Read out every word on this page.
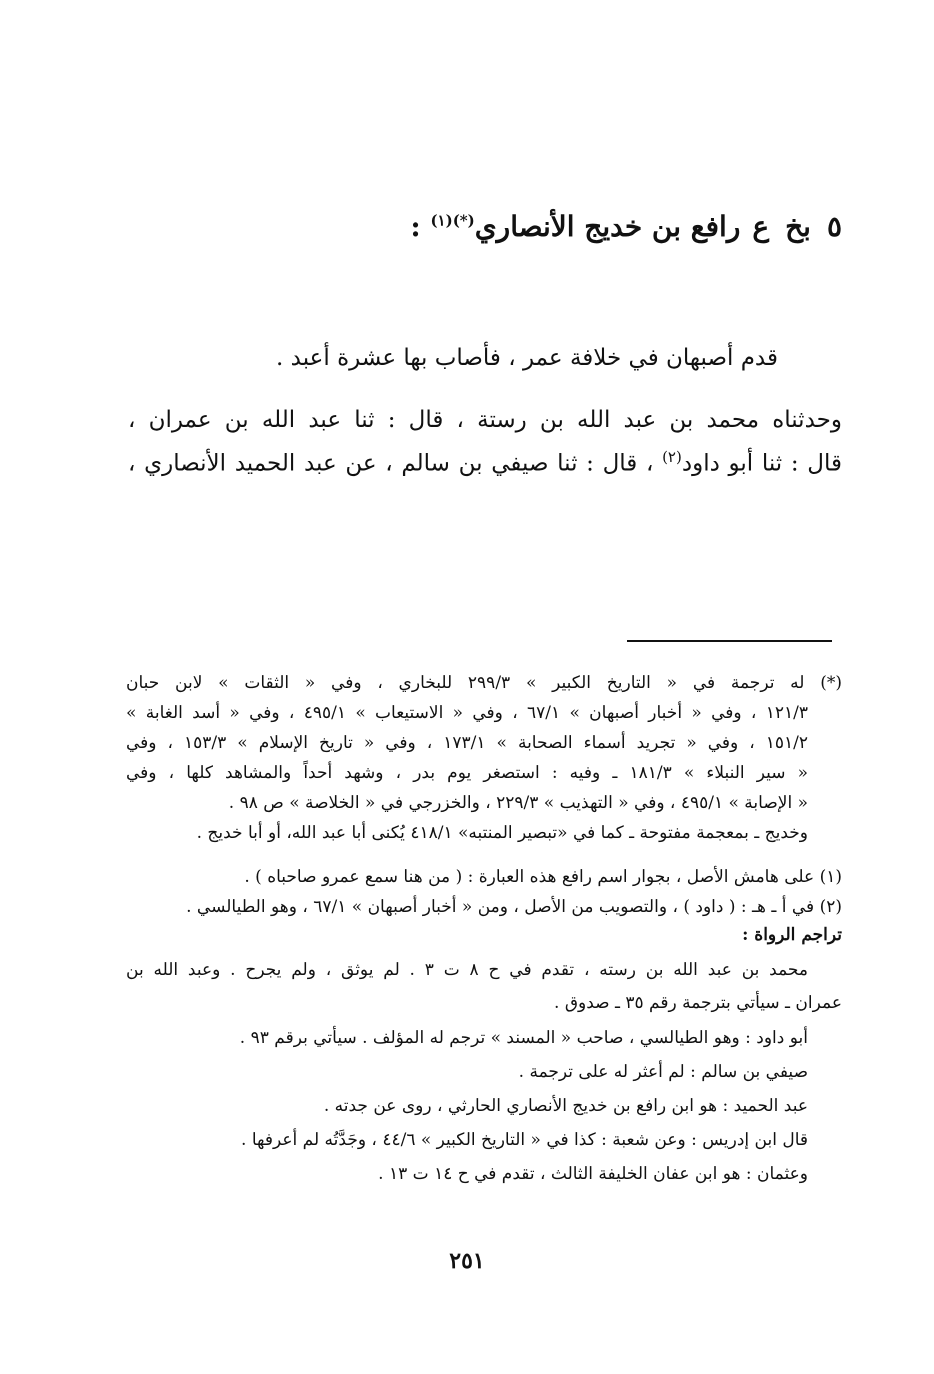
٥بخعرافع بن خديج الأنصاري$^{(*)(١)}$ :
قدم أصبهان في خلافة عمر ، فأصاب بها عشرة أعبد .
وحدثناه محمد بن عبد الله بن رستة ، قال : ثنا عبد الله بن عمران ،
قال : ثنا أبو داود$^{(٢)}$ ، قال : ثنا صيفي بن سالم ، عن عبد الحميد الأنصاري ،
(*) له ترجمة في « التاريخ الكبير » ٢٩٩/٣ للبخاري ، وفي « الثقات » لابن حبان
١٢١/٣ ، وفي « أخبار أصبهان » ٦٧/١ ، وفي « الاستيعاب » ٤٩٥/١ ، وفي « أسد الغابة »
١٥١/٢ ، وفي « تجريد أسماء الصحابة » ١٧٣/١ ، وفي « تاريخ الإسلام » ١٥٣/٣ ، وفي
« سير النبلاء » ١٨١/٣ ـ وفيه : استصغر يوم بدر ، وشهد أحداً والمشاهد كلها ، وفي
« الإصابة » ٤٩٥/١ ، وفي « التهذيب » ٢٢٩/٣ ، والخزرجي في « الخلاصة » ص ٩٨ .
وخديج ـ بمعجمة مفتوحة ـ كما في «تبصير المنتبه» ٤١٨/١ يُكنى أبا عبد الله، أو أبا خديج .
(١) على هامش الأصل ، بجوار اسم رافع هذه العبارة : ( من هنا سمع عمرو صاحباه ) .
(٢) في أ ـ هـ : ( داود ) ، والتصويب من الأصل ، ومن « أخبار أصبهان » ٦٧/١ ، وهو الطيالسي .
تراجم الرواة :
محمد بن عبد الله بن رسته ، تقدم في ح ٨ ت ٣ . لم يوثق ، ولم يجرح . وعبد الله بن
عمران ـ سيأتي بترجمة رقم ٣٥ ـ صدوق .
أبو داود : وهو الطيالسي ، صاحب « المسند » ترجم له المؤلف . سيأتي برقم ٩٣ .
صيفي بن سالم : لم أعثر له على ترجمة .
عبد الحميد : هو ابن رافع بن خديج الأنصاري الحارثي ، روى عن جدته .
قال ابن إدريس : وعن شعبة : كذا في « التاريخ الكبير » ٤٤/٦ ، وجَدَّتُه لم أعرفها .
وعثمان : هو ابن عفان الخليفة الثالث ، تقدم في ح ١٤ ت ١٣ .
٢٥١
